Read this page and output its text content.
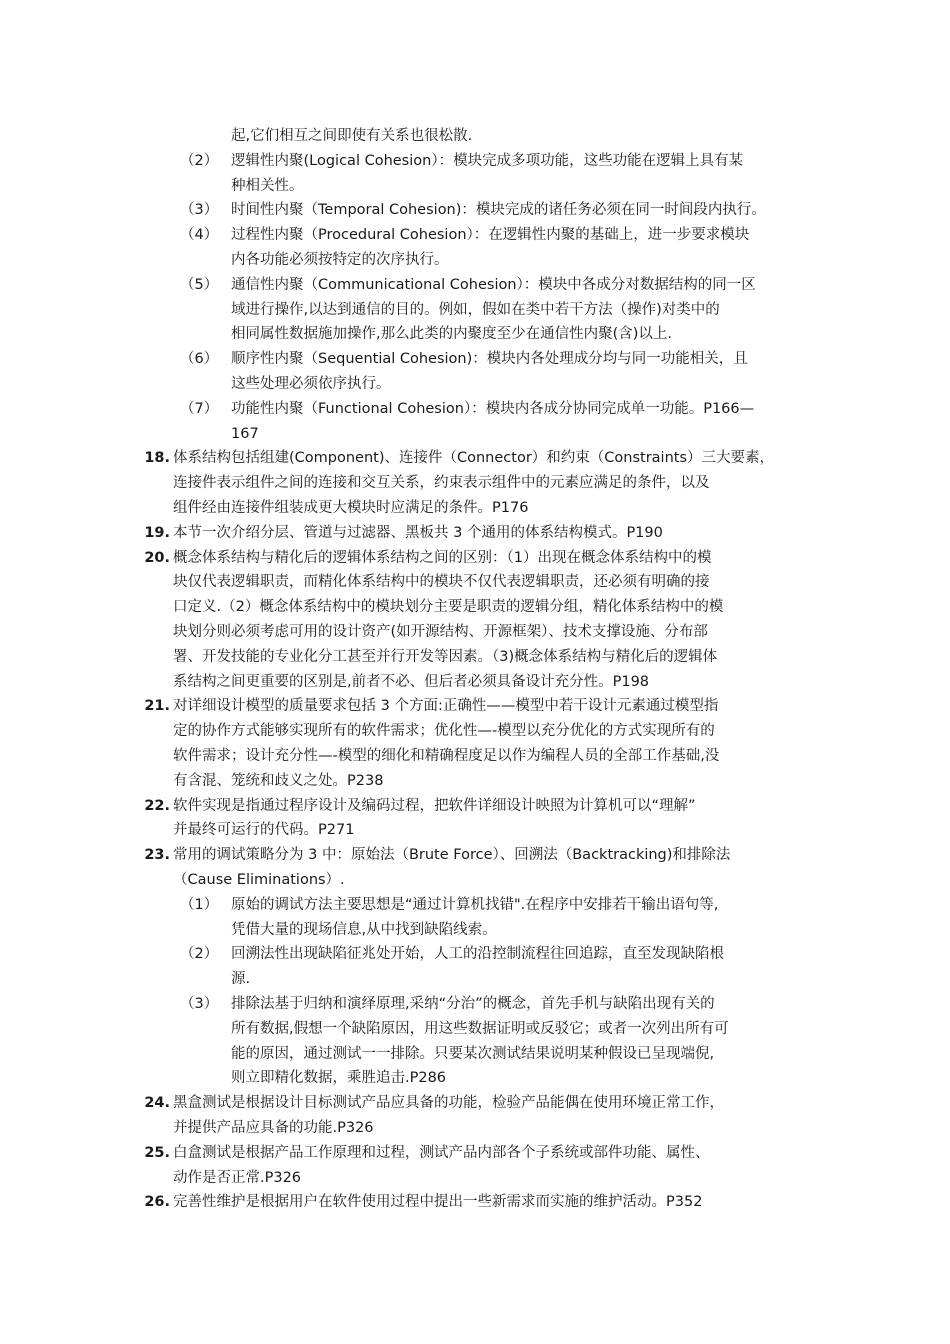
起,它们相互之间即使有关系也很松散.
（2） 逻辑性内聚(Logical Cohesion）：模块完成多项功能，这些功能在逻辑上具有某
种相关性。
（3） 时间性内聚（Temporal Cohesion)：模块完成的诸任务必须在同一时间段内执行。
（4） 过程性内聚（Procedural Cohesion）：在逻辑性内聚的基础上，进一步要求模块
内各功能必须按特定的次序执行。
（5） 通信性内聚（Communicational Cohesion）：模块中各成分对数据结构的同一区
域进行操作,以达到通信的目的。例如，假如在类中若干方法（操作)对类中的
相同属性数据施加操作,那么此类的内聚度至少在通信性内聚(含)以上.
（6） 顺序性内聚（Sequential Cohesion)：模块内各处理成分均与同一功能相关，且
这些处理必须依序执行。
（7） 功能性内聚（Functional Cohesion）：模块内各成分协同完成单一功能。P166—
167
18. 体系结构包括组建(Component)、连接件（Connector）和约束（Constraints）三大要素，
连接件表示组件之间的连接和交互关系，约束表示组件中的元素应满足的条件，以及
组件经由连接件组装成更大模块时应满足的条件。P176
19. 本节一次介绍分层、管道与过滤器、黑板共 3 个通用的体系结构模式。P190
20. 概念体系结构与精化后的逻辑体系结构之间的区别：（1）出现在概念体系结构中的模
块仅代表逻辑职责，而精化体系结构中的模块不仅代表逻辑职责，还必须有明确的接
口定义.（2）概念体系结构中的模块划分主要是职责的逻辑分组，精化体系结构中的模
块划分则必须考虑可用的设计资产(如开源结构、开源框架）、技术支撑设施、分布部
署、开发技能的专业化分工甚至并行开发等因素。（3)概念体系结构与精化后的逻辑体
系结构之间更重要的区别是,前者不必、但后者必须具备设计充分性。P198
21. 对详细设计模型的质量要求包括 3 个方面:正确性——模型中若干设计元素通过模型指
定的协作方式能够实现所有的软件需求；优化性—-模型以充分优化的方式实现所有的
软件需求；设计充分性—-模型的细化和精确程度足以作为编程人员的全部工作基础,没
有含混、笼统和歧义之处。P238
22. 软件实现是指通过程序设计及编码过程，把软件详细设计映照为计算机可以“理解”
并最终可运行的代码。P271
23. 常用的调试策略分为 3 中：原始法（Brute Force）、回溯法（Backtracking)和排除法
（Cause Eliminations）.
（1） 原始的调试方法主要思想是“通过计算机找错".在程序中安排若干输出语句等,
凭借大量的现场信息,从中找到缺陷线索。
（2） 回溯法性出现缺陷征兆处开始，人工的沿控制流程往回追踪，直至发现缺陷根
源.
（3） 排除法基于归纳和演绎原理,采纳“分治”的概念，首先手机与缺陷出现有关的
所有数据,假想一个缺陷原因，用这些数据证明或反驳它；或者一次列出所有可
能的原因，通过测试一一排除。只要某次测试结果说明某种假设已呈现端倪,
则立即精化数据，乘胜追击.P286
24. 黑盒测试是根据设计目标测试产品应具备的功能，检验产品能偶在使用环境正常工作，
并提供产品应具备的功能.P326
25. 白盒测试是根据产品工作原理和过程，测试产品内部各个子系统或部件功能、属性、
动作是否正常.P326
26. 完善性维护是根据用户在软件使用过程中提出一些新需求而实施的维护活动。P352
